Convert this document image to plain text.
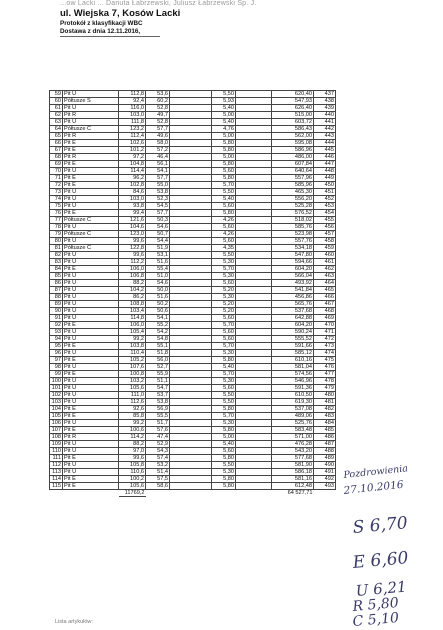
...ow Lacki ... Danuta Łabrzewski, Juliusz Łabrzewski Sp. J.
ul. Wiejska 7, Kosów Lacki
Protokół z klasyfikacji WBC
Dostawa z dnia 12.11.2016,
59	Pit U	112,8	53,6		5,50		620,40	437
60	Półtusze S	92,4	60,2		5,93		547,93	438
61	Pit U	116,0	52,8		5,40		626,40	439
62	Pit R	103,0	49,7		5,00		515,00	440
63	Pit U	111,8	52,8		5,40		603,72	441
64	Półtusze C	123,2	57,7		4,76		586,43	442
65	Pit R	112,4	49,6		5,00		562,00	443
66	Pit E	102,6	58,0		5,80		595,08	444
67	Pit E	101,2	57,2		5,80		586,96	445
68	Pit R	97,2	46,4		5,00		486,00	446
69	Pit E	104,8	56,1		5,80		607,84	447
70	Pit U	114,4	54,1		5,60		640,64	448
71	Pit E	96,2	57,7		5,80		557,96	449
72	Pit E	102,8	55,0		5,70		585,96	450
73	Pit U	84,6	53,8		5,50		465,30	451
74	Pit U	103,0	52,3		5,40		556,20	452
75	Pit U	93,8	54,5		5,60		525,28	453
76	Pit E	99,4	57,7		5,80		576,52	454
77	Półtusze C	121,6	50,3		4,26		518,02	455
78	Pit U	104,6	54,6		5,60		585,76	456
79	Półtusze C	123,0	50,7		4,26		523,98	457
80	Pit U	99,6	54,4		5,60		557,76	458
81	Półtusze C	122,8	51,9		4,35		534,18	459
82	Pit U	99,6	53,1		5,50		547,80	460
83	Pit U	112,2	51,6		5,30		594,66	461
84	Pit E	106,0	55,4		5,70		604,20	462
85	Pit U	106,8	51,0		5,30		566,04	463
86	Pit U	88,2	54,6		5,60		493,92	464
87	Pit U	104,2	50,0		5,20		541,84	465
88	Pit U	86,2	51,6		5,30		456,86	466
89	Pit U	108,8	50,2		5,20		565,76	467
90	Pit U	103,4	50,6		5,20		537,68	468
91	Pit U	114,8	54,1		5,60		642,88	469
92	Pit E	106,0	55,2		5,70		604,20	470
93	Pit U	105,4	54,2		5,60		590,24	471
94	Pit U	99,2	54,8		5,60		555,52	472
95	Pit E	103,8	55,1		5,70		591,66	473
96	Pit U	110,4	51,8		5,30		585,12	474
97	Pit E	105,2	56,0		5,80		610,16	475
98	Pit U	107,6	52,7		5,40		581,04	476
99	Pit E	100,8	55,9		5,70		574,56	477
100	Pit U	103,2	51,1		5,30		546,96	478
101	Pit U	105,6	54,7		5,60		591,36	479
102	Pit U	111,0	53,7		5,50		610,50	480
103	Pit U	112,6	53,8		5,50		619,30	481
104	Pit E	92,6	56,9		5,80		537,08	482
105	Pit E	85,8	55,5		5,70		489,06	483
106	Pit U	99,2	51,7		5,30		525,76	484
107	Pit E	100,6	57,6		5,80		583,48	485
108	Pit R	114,2	47,4		5,00		571,00	486
109	Pit U	88,2	52,9		5,40		476,28	487
110	Pit U	97,0	54,3		5,60		543,20	488
111	Pit E	99,6	57,4		5,80		577,68	489
112	Pit U	105,8	53,2		5,50		581,90	490
113	Pit U	110,6	51,4		5,30		586,18	491
114	Pit E	100,2	57,5		5,80		581,16	492
115	Pit E	105,6	58,6		5,80		612,48	493
		11769,2					64 527,71	
Lista artykułów:
Pozdrowienia
27.10.2016
S 6,70
E 6,60
U 6,21
R 5,80
C 5,10
